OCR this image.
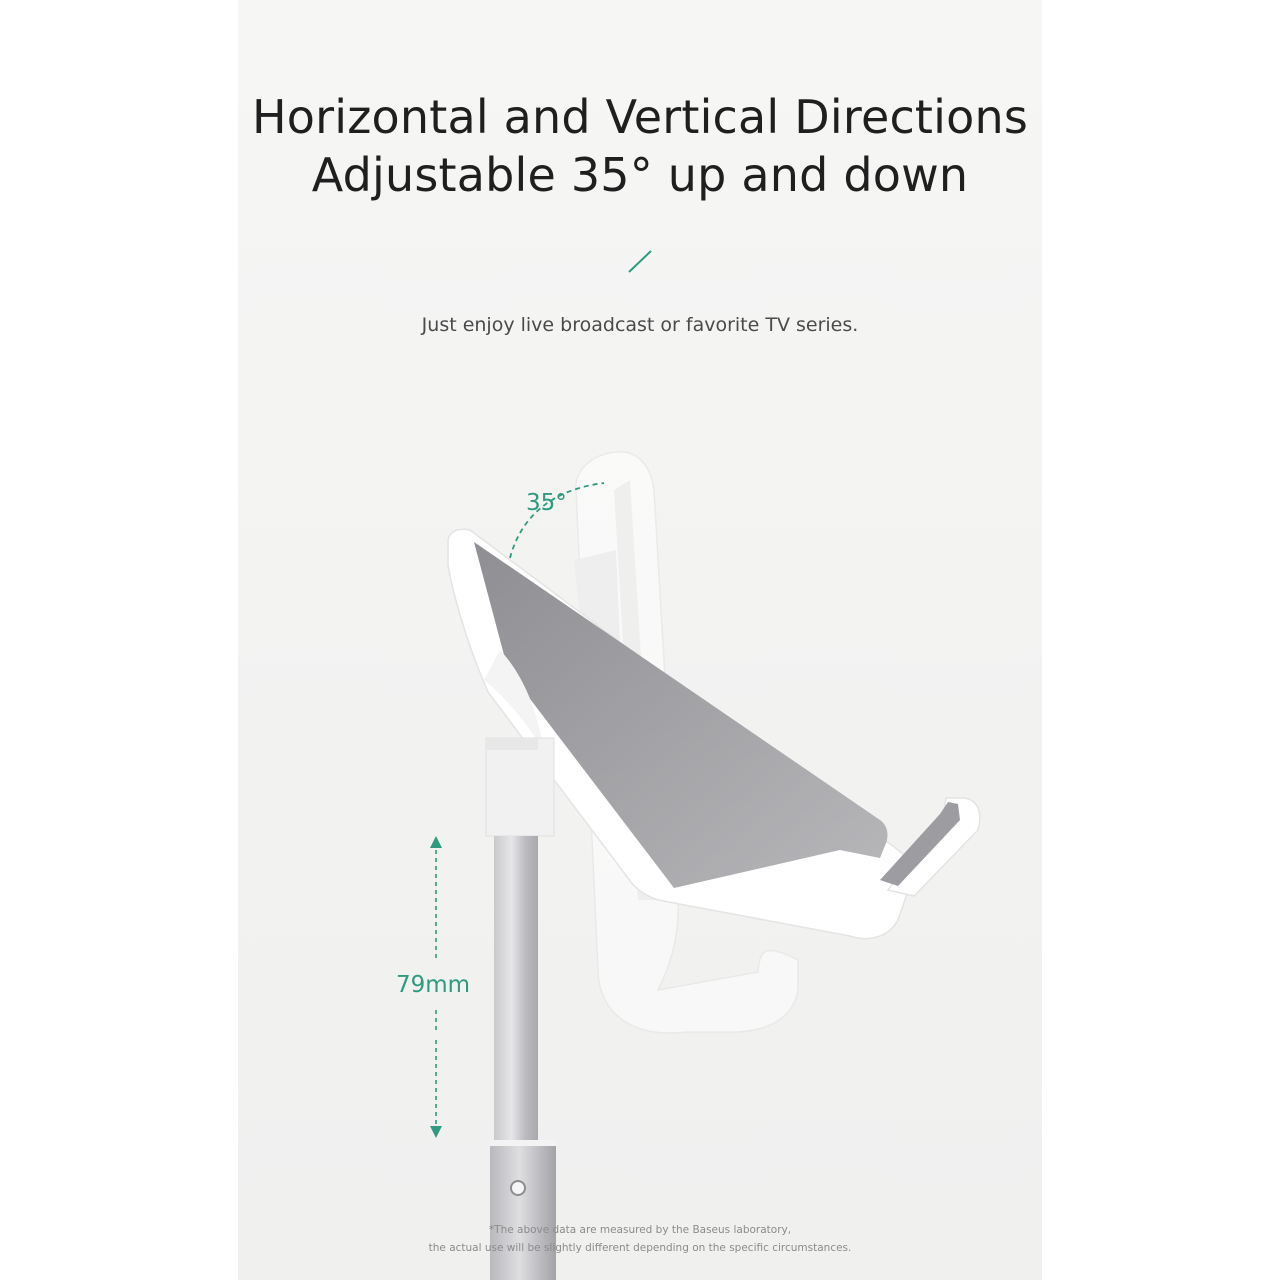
Horizontal and Vertical Directions
Adjustable 35° up and down
Just enjoy live broadcast or favorite TV series.
35°
79mm
*The above data are measured by the Baseus laboratory,
the actual use will be slightly different depending on the specific circumstances.
